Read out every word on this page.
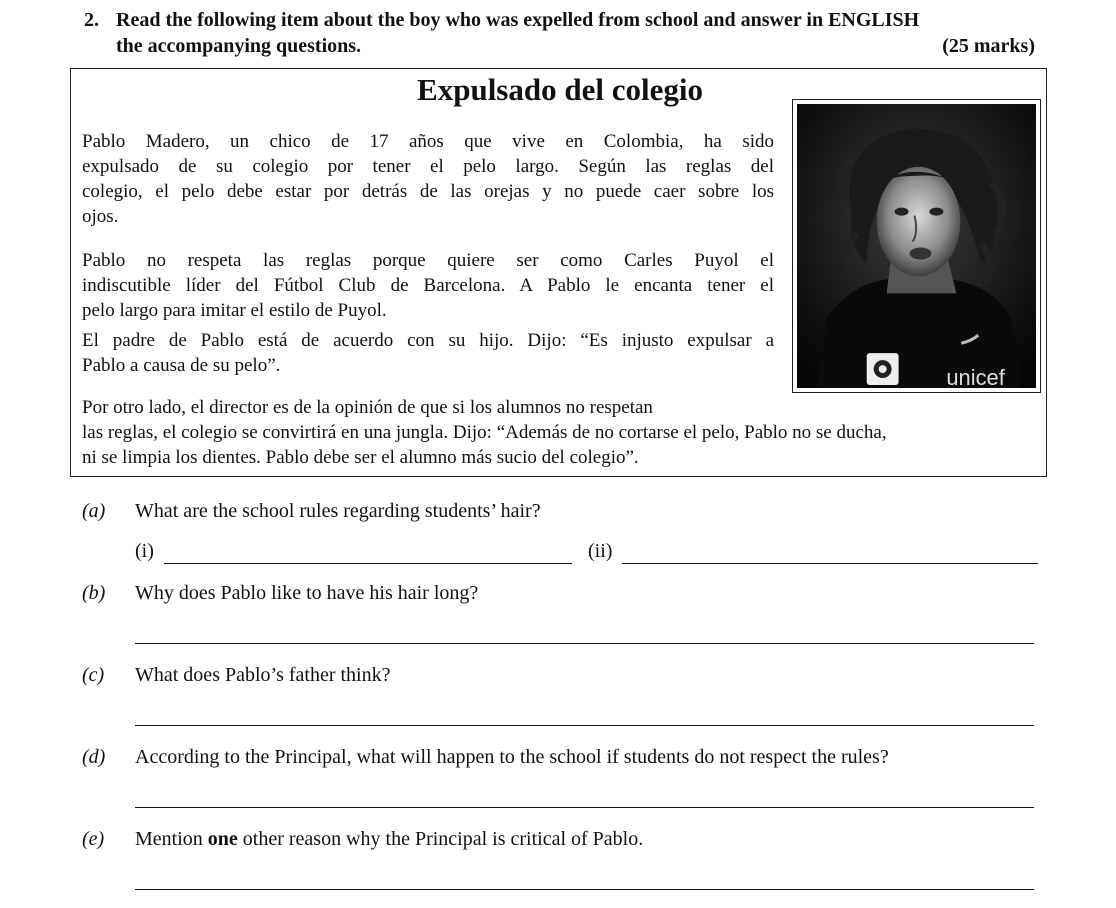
2. Read the following item about the boy who was expelled from school and answer in ENGLISH
the accompanying questions.	(25 marks)
Expulsado del colegio
Pablo Madero, un chico de 17 años que vive en Colombia, ha sido
expulsado de su colegio por tener el pelo largo. Según las reglas del
colegio, el pelo debe estar por detrás de las orejas y no puede caer sobre los
ojos.
Pablo no respeta las reglas porque quiere ser como Carles Puyol el
indiscutible líder del Fútbol Club de Barcelona. A Pablo le encanta tener el
pelo largo para imitar el estilo de Puyol.
El padre de Pablo está de acuerdo con su hijo. Dijo: “Es injusto expulsar a
Pablo a causa de su pelo”.
Por otro lado, el director es de la opinión de que si los alumnos no respetan
las reglas, el colegio se convirtirá en una jungla. Dijo: “Además de no cortarse el pelo, Pablo no se ducha,
ni se limpia los dientes. Pablo debe ser el alumno más sucio del colegio”.
unicef
(a) What are the school rules regarding students’ hair?
(i)	(ii)
(b) Why does Pablo like to have his hair long?
(c) What does Pablo’s father think?
(d) According to the Principal, what will happen to the school if students do not respect the rules?
(e) Mention one other reason why the Principal is critical of Pablo.
